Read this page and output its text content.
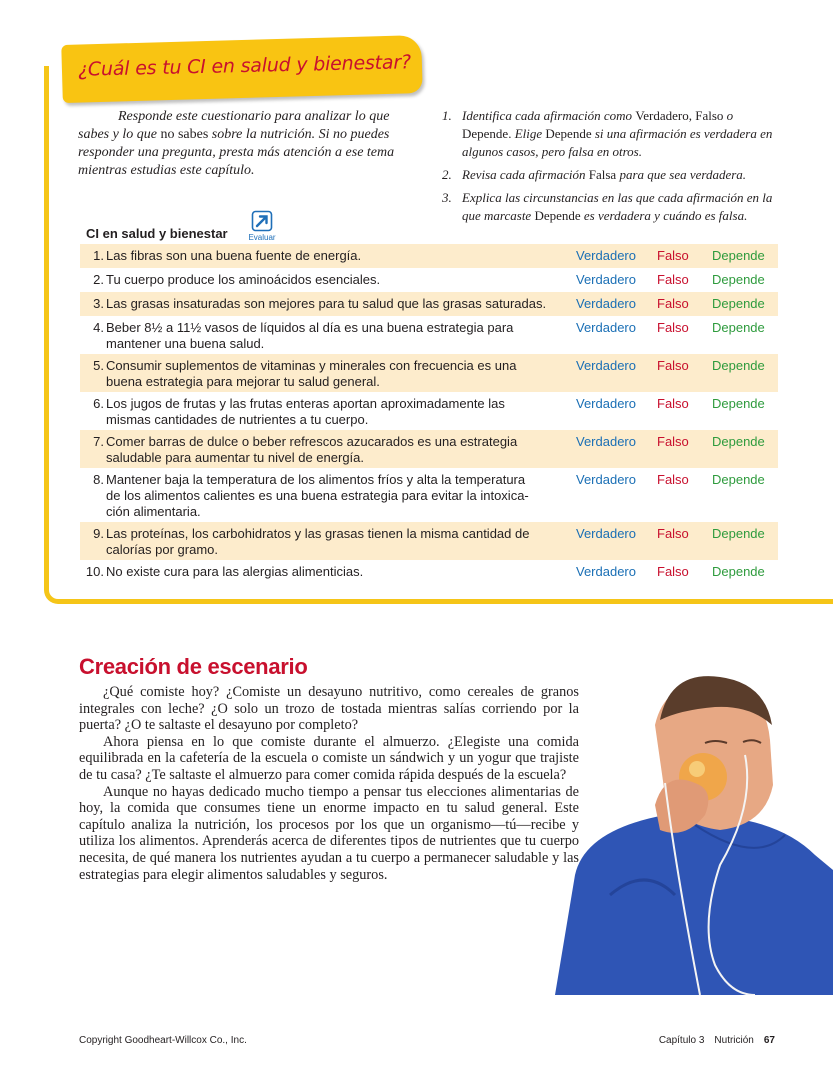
¿Cuál es tu CI en salud y bienestar?

Responde este cuestionario para analizar lo que sabes y lo que no sabes sobre la nutrición. Si no puedes responder una pregunta, presta más atención a ese tema mientras estudias este capítulo.

1. Identifica cada afirmación como Verdadero, Falso o Depende. Elige Depende si una afirmación es verdadera en algunos casos, pero falsa en otros.
2. Revisa cada afirmación Falsa para que sea verdadera.
3. Explica las circunstancias en las que cada afirmación en la que marcaste Depende es verdadera y cuándo es falsa.
CI en salud y bienestar	Evaluar
1. Las fibras son una buena fuente de energía.	Verdadero Falso Depende
2. Tu cuerpo produce los aminoácidos esenciales.	Verdadero Falso Depende
3. Las grasas insaturadas son mejores para tu salud que las grasas saturadas.	Verdadero Falso Depende
4. Beber 8½ a 11½ vasos de líquidos al día es una buena estrategia para
mantener una buena salud.
Verdadero Falso Depende
5. Consumir suplementos de vitaminas y minerales con frecuencia es una
buena estrategia para mejorar tu salud general.
Verdadero Falso Depende
6. Los jugos de frutas y las frutas enteras aportan aproximadamente las
mismas cantidades de nutrientes a tu cuerpo.
Verdadero Falso Depende
7. Comer barras de dulce o beber refrescos azucarados es una estrategia
saludable para aumentar tu nivel de energía.
Verdadero Falso Depende
8. Mantener baja la temperatura de los alimentos fríos y alta la temperatura
de los alimentos calientes es una buena estrategia para evitar la intoxica-
ción alimentaria.
Verdadero Falso Depende
9. Las proteínas, los carbohidratos y las grasas tienen la misma cantidad de
calorías por gramo.
Verdadero Falso Depende
10. No existe cura para las alergias alimenticias.	Verdadero Falso Depende
Creación de escenario

¿Qué comiste hoy? ¿Comiste un desayuno nutritivo, como cereales de granos integrales con leche? ¿O solo un trozo de tostada mientras salías corriendo por la puerta? ¿O te saltaste el desayuno por completo?

Ahora piensa en lo que comiste durante el almuerzo. ¿Elegiste una comida equilibrada en la cafetería de la escuela o comiste un sándwich y un yogur que trajiste de tu casa? ¿Te saltaste el almuerzo para comer comida rápida después de la escuela?

Aunque no hayas dedicado mucho tiempo a pensar tus elecciones alimentarias de hoy, la comida que consumes tiene un enorme impacto en tu salud general. Este capítulo analiza la nutrición, los procesos por los que un organismo—tú—recibe y utiliza los alimentos. Aprenderás acerca de diferentes tipos de nutrientes que tu cuerpo necesita, de qué manera los nutrientes ayudan a tu cuerpo a permanecer saludable y las estrategias para elegir alimentos saludables y seguros.

Copyright Goodheart-Willcox Co., Inc.	Capítulo 3 Nutrición 67
